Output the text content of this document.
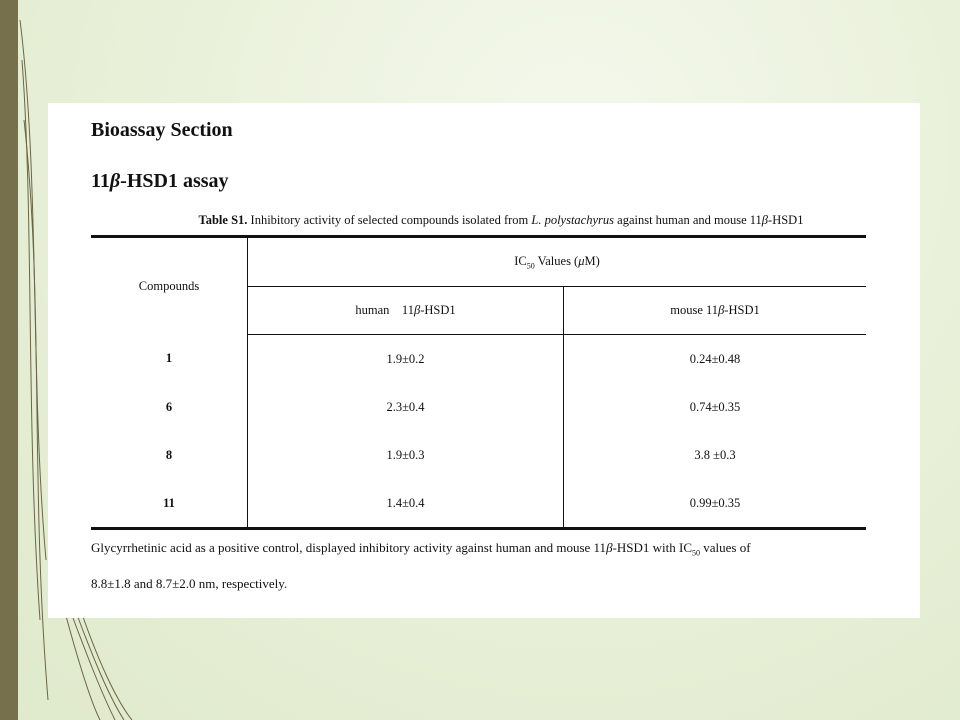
Bioassay Section
11β-HSD1 assay
Table S1. Inhibitory activity of selected compounds isolated from L. polystachyrus against human and mouse 11β-HSD1
Compounds	$IC_{50}$ Values (μM)	
	human    11β-HSD1	mouse 11β-HSD1
1	1.9±0.2	0.24±0.48
6	2.3±0.4	0.74±0.35
8	1.9±0.3	3.8 ±0.3
11	1.4±0.4	0.99±0.35
Glycyrrhetinic acid as a positive control, displayed inhibitory activity against human and mouse 11β-HSD1 with $IC_{50}$ values of
8.8±1.8 and 8.7±2.0 nm, respectively.
